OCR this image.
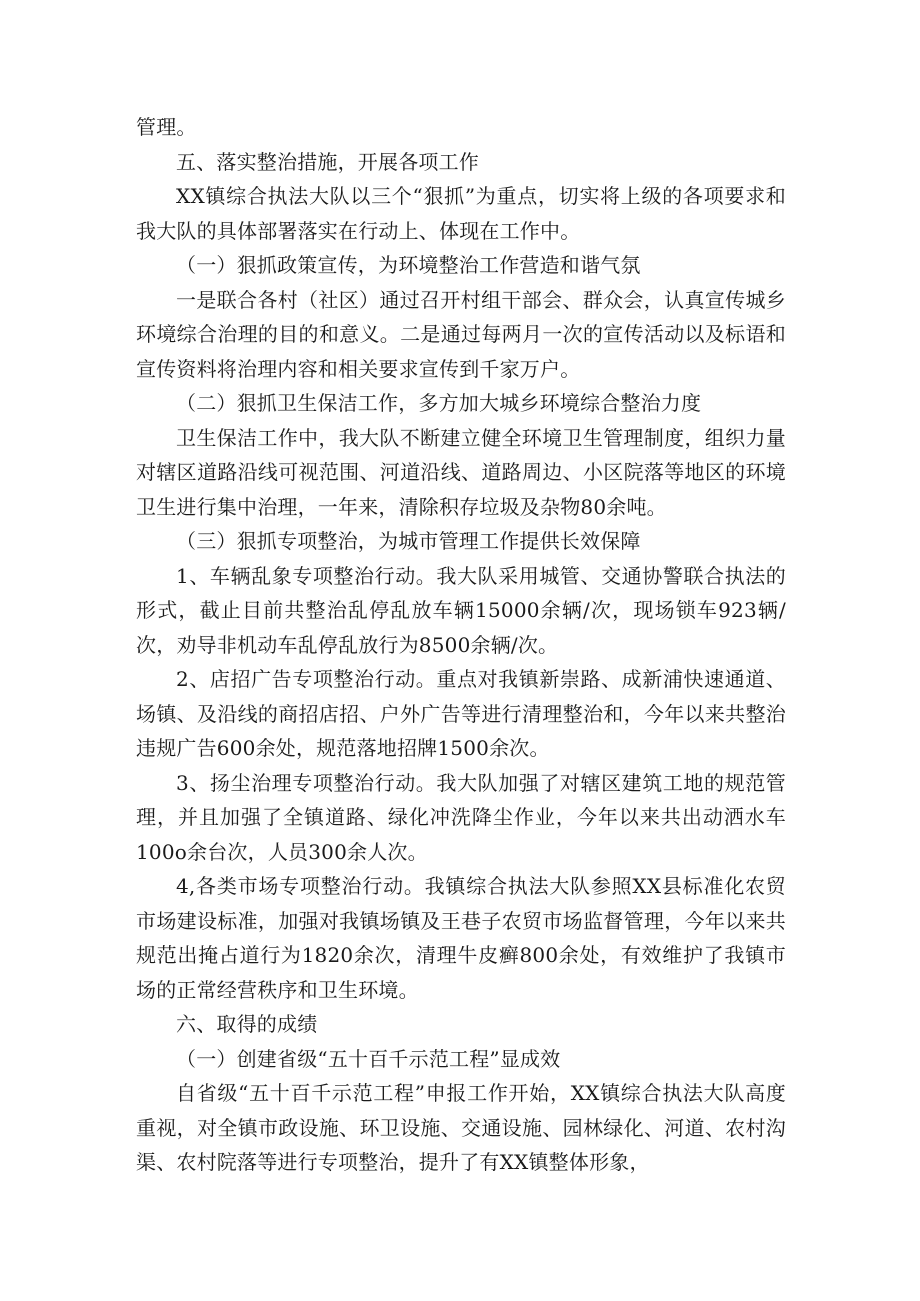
管理。

五、落实整治措施，开展各项工作

XX镇综合执法大队以三个“狠抓”为重点，切实将上级的各项要求和我大队的具体部署落实在行动上、体现在工作中。

（一）狠抓政策宣传，为环境整治工作营造和谐气氛

一是联合各村（社区）通过召开村组干部会、群众会，认真宣传城乡环境综合治理的目的和意义。二是通过每两月一次的宣传活动以及标语和宣传资料将治理内容和相关要求宣传到千家万户。

（二）狠抓卫生保洁工作，多方加大城乡环境综合整治力度

卫生保洁工作中，我大队不断建立健全环境卫生管理制度，组织力量对辖区道路沿线可视范围、河道沿线、道路周边、小区院落等地区的环境卫生进行集中治理，一年来，清除积存垃圾及杂物80余吨。

（三）狠抓专项整治，为城市管理工作提供长效保障

1、车辆乱象专项整治行动。我大队采用城管、交通协警联合执法的形式，截止目前共整治乱停乱放车辆15000余辆/次，现场锁车923辆/次，劝导非机动车乱停乱放行为8500余辆/次。

2、店招广告专项整治行动。重点对我镇新崇路、成新浦快速通道、场镇、及沿线的商招店招、户外广告等进行清理整治和，今年以来共整治违规广告600余处，规范落地招牌1500余次。

3、扬尘治理专项整治行动。我大队加强了对辖区建筑工地的规范管理，并且加强了全镇道路、绿化冲洗降尘作业，今年以来共出动洒水车100o余台次，人员300余人次。

4,各类市场专项整治行动。我镇综合执法大队参照XX县标准化农贸市场建设标准，加强对我镇场镇及王巷子农贸市场监督管理，今年以来共规范出掩占道行为1820余次，清理牛皮癣800余处，有效维护了我镇市场的正常经营秩序和卫生环境。

六、取得的成绩

（一）创建省级“五十百千示范工程”显成效

自省级“五十百千示范工程”申报工作开始，XX镇综合执法大队高度重视，对全镇市政设施、环卫设施、交通设施、园林绿化、河道、农村沟渠、农村院落等进行专项整治，提升了有XX镇整体形象，
